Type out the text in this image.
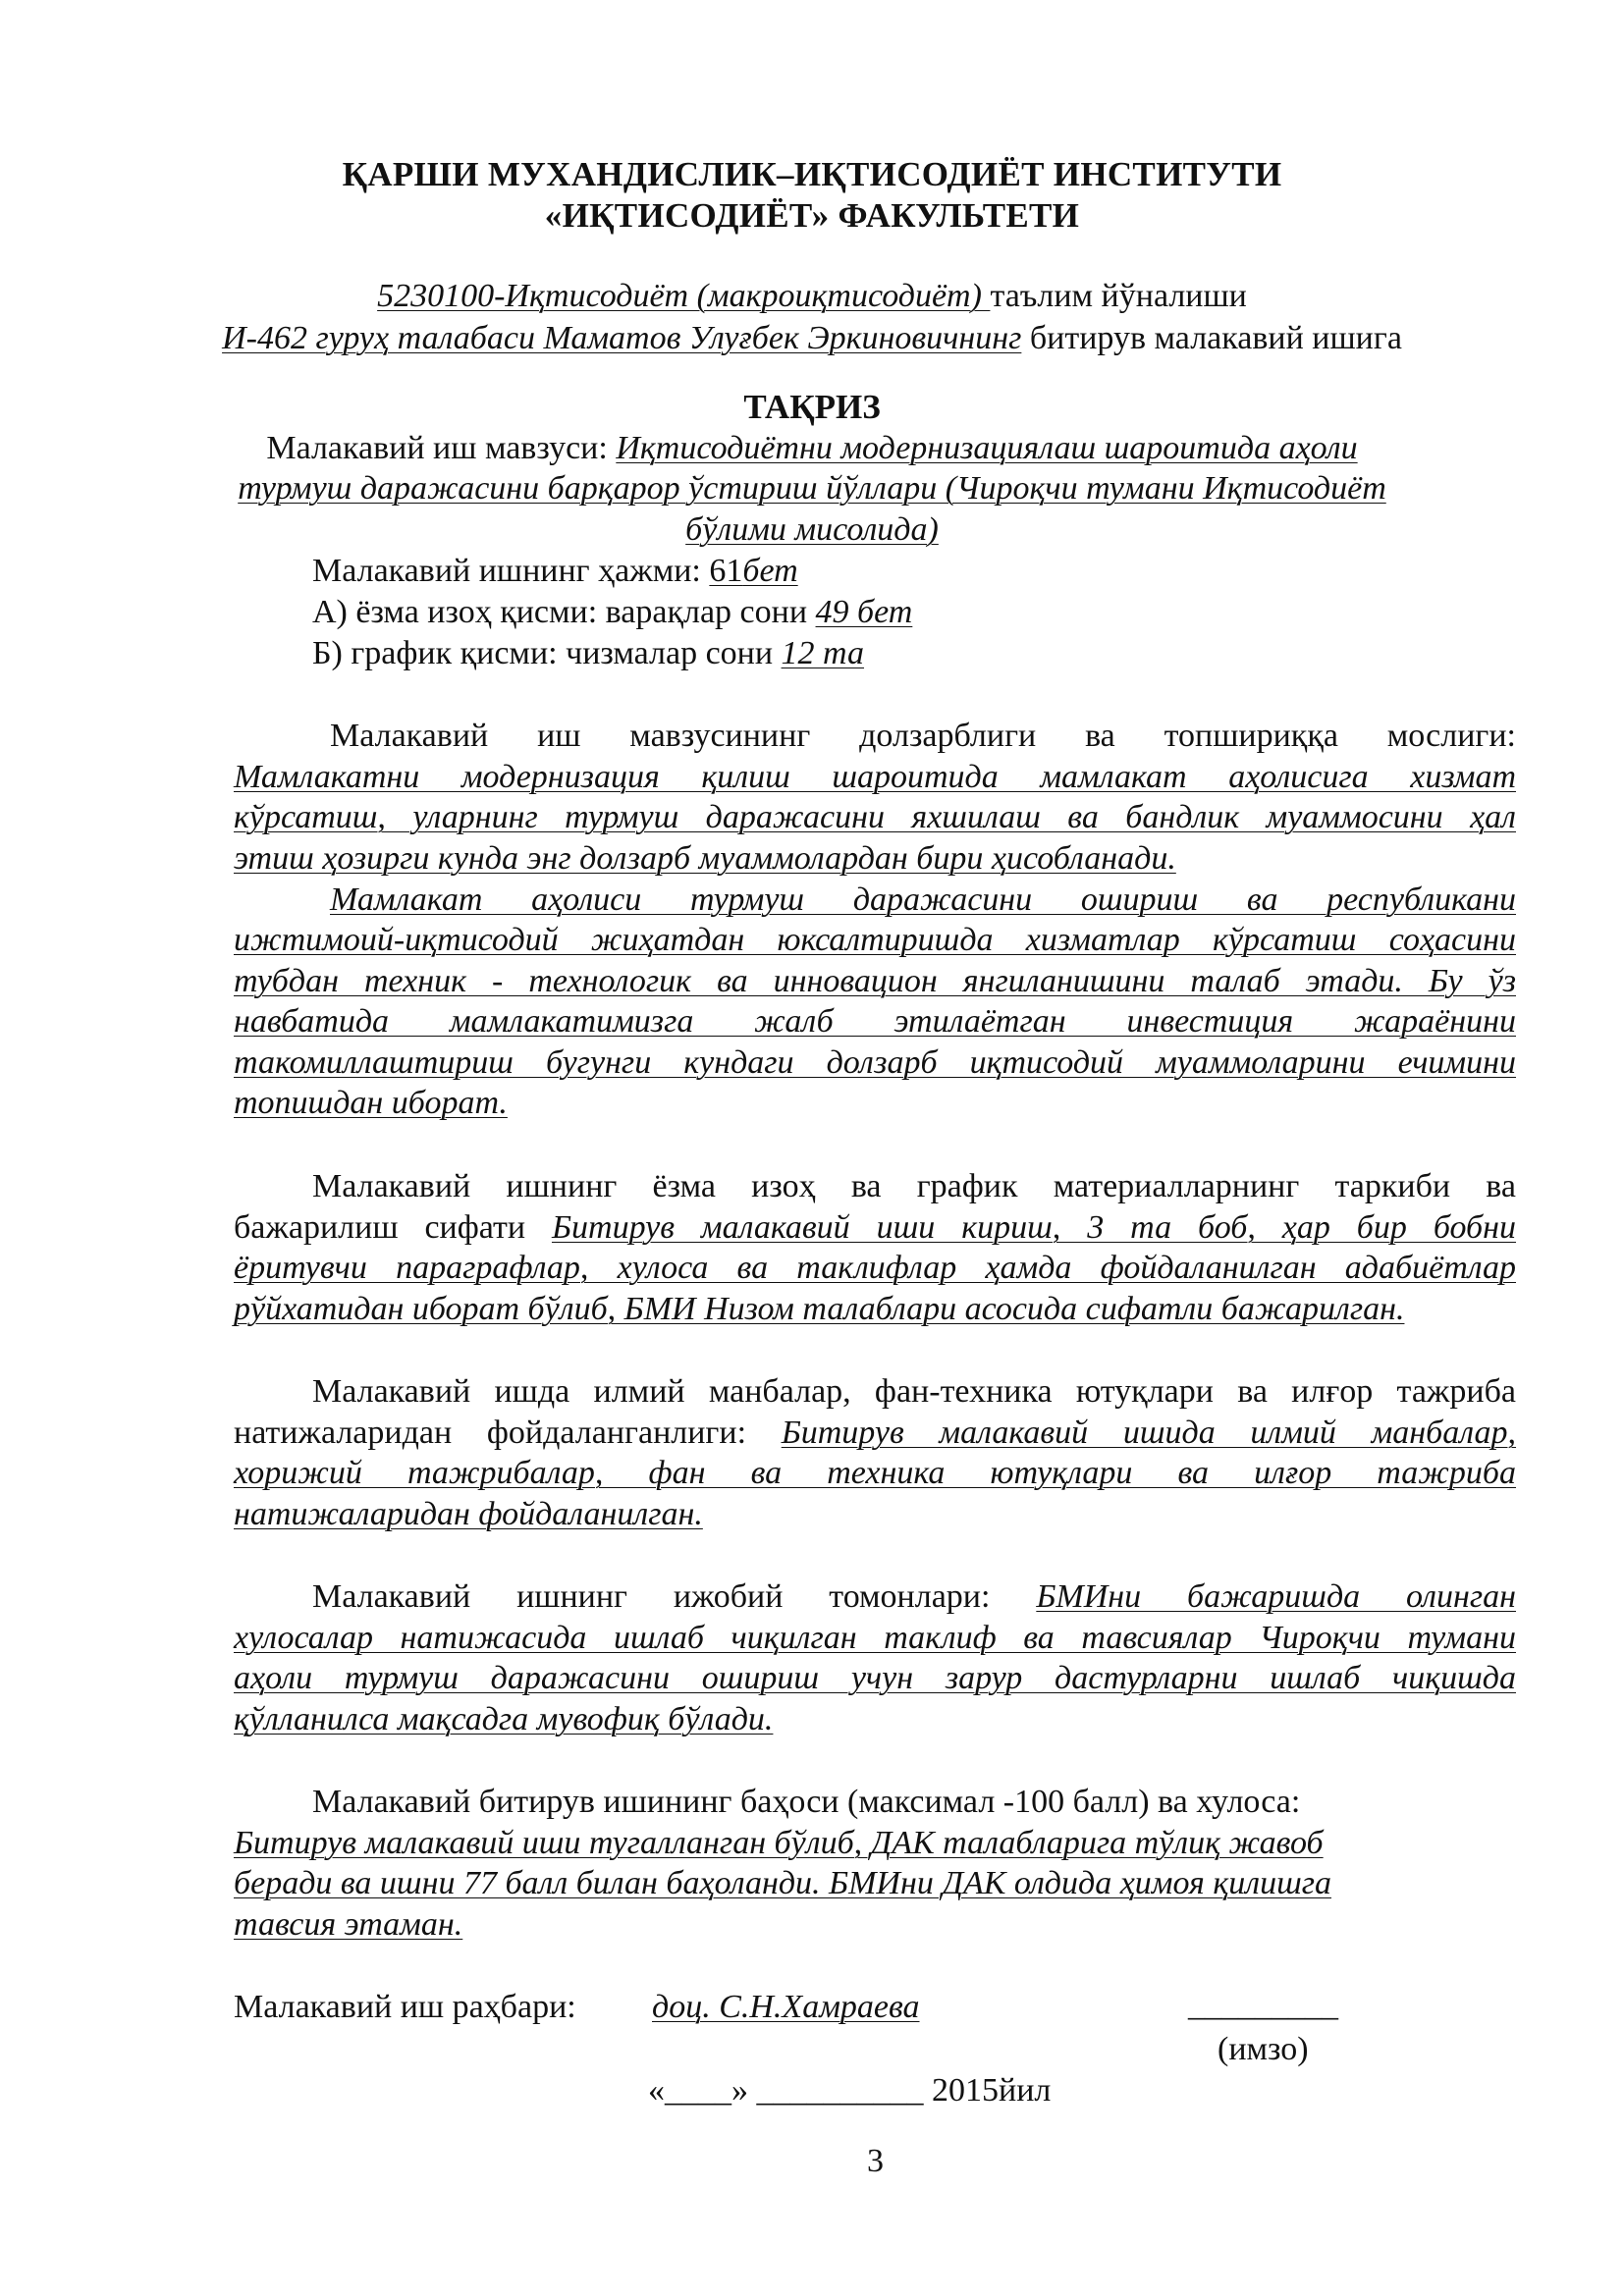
ҚАРШИ МУХАНДИСЛИК–ИҚТИСОДИЁТ ИНСТИТУТИ
«ИҚТИСОДИЁТ» ФАКУЛЬТЕТИ
5230100-Иқтисодиёт (макроиқтисодиёт) таълим йўналиши
И-462 гуруҳ талабаси Маматов Улуғбек Эркиновичнинг битирув малакавий ишига
ТАҚРИЗ
Малакавий иш мавзуси: Иқтисодиётни модернизациялаш шароитида аҳоли
турмуш даражасини барқарор ўстириш йўллари (Чироқчи тумани Иқтисодиёт
бўлими мисолида)
Малакавий ишнинг ҳажми: 61бет
А) ёзма изоҳ қисми: варақлар сони 49 бет
Б) график қисми: чизмалар сони 12 та
Малакавий иш мавзусининг долзарблиги ва топшириққа мослиги:
Мамлакатни модернизация қилиш шароитида мамлакат аҳолисига хизмат
кўрсатиш, уларнинг турмуш даражасини яхшилаш ва бандлик муаммосини ҳал
этиш ҳозирги кунда энг долзарб муаммолардан бири ҳисобланади.
Мамлакат аҳолиси турмуш даражасини ошириш ва республикани
ижтимоий-иқтисодий жиҳатдан юксалтиришда хизматлар кўрсатиш соҳасини
тубдан техник - технологик ва инновацион янгиланишини талаб этади. Бу ўз
навбатида мамлакатимизга жалб этилаётган инвестиция жараёнини
такомиллаштириш бугунги кундаги долзарб иқтисодий муаммоларини ечимини
топишдан иборат.
Малакавий ишнинг ёзма изоҳ ва график материалларнинг таркиби ва
бажарилиш сифати Битирув малакавий иши кириш, 3 та боб, ҳар бир бобни
ёритувчи параграфлар, хулоса ва таклифлар ҳамда фойдаланилган адабиётлар
рўйхатидан иборат бўлиб, БМИ Низом талаблари асосида сифатли бажарилган.
Малакавий ишда илмий манбалар, фан-техника ютуқлари ва илғор тажриба
натижаларидан фойдаланганлиги: Битирув малакавий ишида илмий манбалар,
хорижий тажрибалар, фан ва техника ютуқлари ва илғор тажриба
натижаларидан фойдаланилган.
Малакавий ишнинг ижобий томонлари: БМИни бажаришда олинган
хулосалар натижасида ишлаб чиқилган таклиф ва тавсиялар Чироқчи тумани
аҳоли турмуш даражасини ошириш учун зарур дастурларни ишлаб чиқишда
қўлланилса мақсадга мувофиқ бўлади.
Малакавий битирув ишининг баҳоси (максимал -100 балл) ва хулоса:
Битирув малакавий иши тугалланган бўлиб, ДАК талабларига тўлиқ жавоб
беради ва ишни 77 балл билан баҳоланди. БМИни ДАК олдида ҳимоя қилишга
тавсия этаман.
Малакавий иш раҳбари: доц. С.Н.Хамраева	_________
(имзо)
«____» __________ 2015йил
3
